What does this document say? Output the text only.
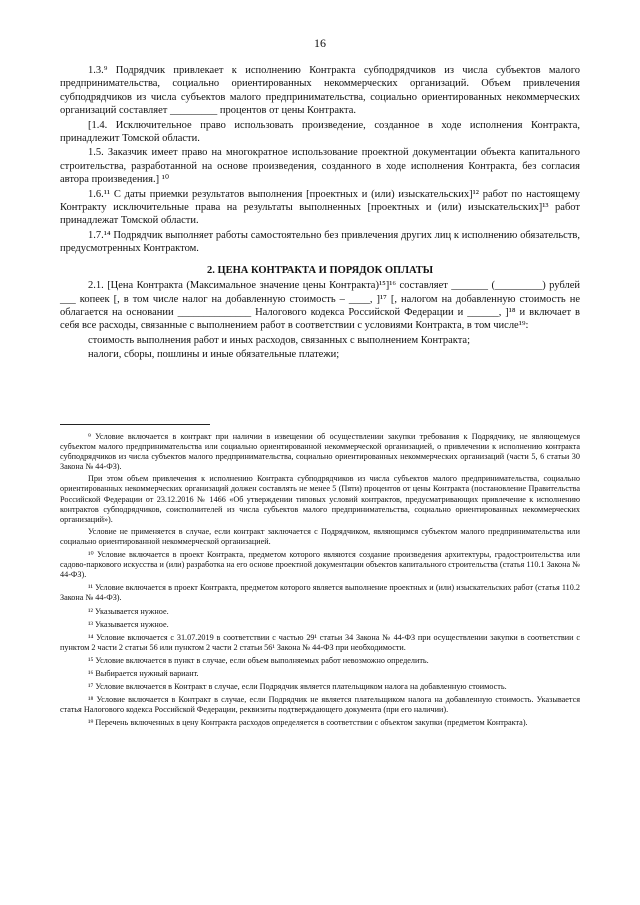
16

1.3.⁹ Подрядчик привлекает к исполнению Контракта субподрядчиков из числа субъектов малого предпринимательства, социально ориентированных некоммерческих организаций. Объем привлечения субподрядчиков из числа субъектов малого предпринимательства, социально ориентированных некоммерческих организаций составляет _________ процентов от цены Контракта.

[1.4. Исключительное право использовать произведение, созданное в ходе исполнения Контракта, принадлежит Томской области.

1.5. Заказчик имеет право на многократное использование проектной документации объекта капитального строительства, разработанной на основе произведения, созданного в ходе исполнения Контракта, без согласия автора произведения.] ¹⁰

1.6.¹¹ С даты приемки результатов выполнения [проектных и (или) изыскательских]¹² работ по настоящему Контракту исключительные права на результаты выполненных [проектных и (или) изыскательских]¹³ работ принадлежат Томской области.

1.7.¹⁴ Подрядчик выполняет работы самостоятельно без привлечения других лиц к исполнению обязательств, предусмотренных Контрактом.

2. ЦЕНА КОНТРАКТА И ПОРЯДОК ОПЛАТЫ

2.1. [Цена Контракта (Максимальное значение цены Контракта)¹⁵]¹⁶ составляет _______ (_________) рублей ___ копеек [, в том числе налог на добавленную стоимость – ____, ]¹⁷ [, налогом на добавленную стоимость не облагается на основании ______________ Налогового кодекса Российской Федерации и ______, ]¹⁸ и включает в себя все расходы, связанные с выполнением работ в соответствии с условиями Контракта, в том числе¹⁹:

стоимость выполнения работ и иных расходов, связанных с выполнением Контракта;

налоги, сборы, пошлины и иные обязательные платежи;

⁹ Условие включается в контракт при наличии в извещении об осуществлении закупки требования к Подрядчику, не являющемуся субъектом малого предпринимательства или социально ориентированной некоммерческой организацией, о привлечении к исполнению контракта субподрядчиков из числа субъектов малого предпринимательства, социально ориентированных некоммерческих организаций (части 5, 6 статьи 30 Закона № 44-ФЗ).

При этом объем привлечения к исполнению Контракта субподрядчиков из числа субъектов малого предпринимательства, социально ориентированных некоммерческих организаций должен составлять не менее 5 (Пяти) процентов от цены Контракта (постановление Правительства Российской Федерации от 23.12.2016 № 1466 «Об утверждении типовых условий контрактов, предусматривающих привлечение к исполнению контрактов субподрядчиков, соисполнителей из числа субъектов малого предпринимательства, социально ориентированных некоммерческих организаций»).

Условие не применяется в случае, если контракт заключается с Подрядчиком, являющимся субъектом малого предпринимательства или социально ориентированной некоммерческой организацией.

¹⁰ Условие включается в проект Контракта, предметом которого являются создание произведения архитектуры, градостроительства или садово-паркового искусства и (или) разработка на его основе проектной документации объектов капитального строительства (статья 110.1 Закона № 44-ФЗ).

¹¹ Условие включается в проект Контракта, предметом которого является выполнение проектных и (или) изыскательских работ (статья 110.2 Закона № 44-ФЗ).

¹² Указывается нужное.

¹³ Указывается нужное.

¹⁴ Условие включается с 31.07.2019 в соответствии с частью 29¹ статьи 34 Закона № 44-ФЗ при осуществлении закупки в соответствии с пунктом 2 части 2 статьи 56 или пунктом 2 части 2 статьи 56¹ Закона № 44-ФЗ при необходимости.

¹⁵ Условие включается в пункт в случае, если объем выполняемых работ невозможно определить.

¹⁶ Выбирается нужный вариант.

¹⁷ Условие включается в Контракт в случае, если Подрядчик является плательщиком налога на добавленную стоимость.

¹⁸ Условие включается в Контракт в случае, если Подрядчик не является плательщиком налога на добавленную стоимость. Указывается статья Налогового кодекса Российской Федерации, реквизиты подтверждающего документа (при его наличии).

¹⁹ Перечень включенных в цену Контракта расходов определяется в соответствии с объектом закупки (предметом Контракта).
